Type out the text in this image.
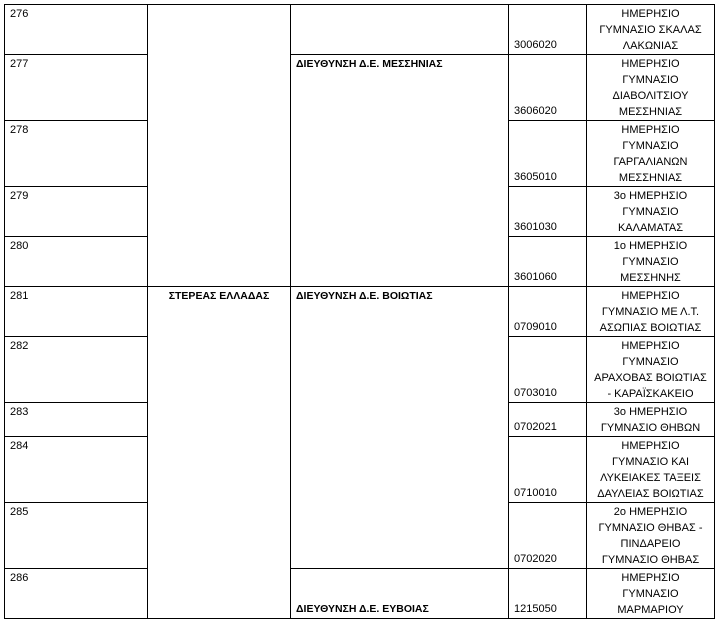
276			3006020	ΗΜΕΡΗΣΙΟ
ΓΥΜΝΑΣΙΟ ΣΚΑΛΑΣ
ΛΑΚΩΝΙΑΣ
277		ΔΙΕΥΘΥΝΣΗ Δ.Ε. ΜΕΣΣΗΝΙΑΣ	3606020	ΗΜΕΡΗΣΙΟ
ΓΥΜΝΑΣΙΟ
ΔΙΑΒΟΛΙΤΣΙΟΥ
ΜΕΣΣΗΝΙΑΣ
278			3605010	ΗΜΕΡΗΣΙΟ
ΓΥΜΝΑΣΙΟ
ΓΑΡΓΑΛΙΑΝΩΝ
ΜΕΣΣΗΝΙΑΣ
279			3601030	3ο ΗΜΕΡΗΣΙΟ
ΓΥΜΝΑΣΙΟ
ΚΑΛΑΜΑΤΑΣ
280			3601060	1ο ΗΜΕΡΗΣΙΟ
ΓΥΜΝΑΣΙΟ
ΜΕΣΣΗΝΗΣ
281	ΣΤΕΡΕΑΣ ΕΛΛΑΔΑΣ	ΔΙΕΥΘΥΝΣΗ Δ.Ε. ΒΟΙΩΤΙΑΣ	0709010	ΗΜΕΡΗΣΙΟ
ΓΥΜΝΑΣΙΟ ΜΕ Λ.Τ.
ΑΣΩΠΙΑΣ ΒΟΙΩΤΙΑΣ
282			0703010	ΗΜΕΡΗΣΙΟ
ΓΥΜΝΑΣΙΟ
ΑΡΑΧΟΒΑΣ ΒΟΙΩΤΙΑΣ
- ΚΑΡΑΪΣΚΑΚΕΙΟ
283			0702021	3ο ΗΜΕΡΗΣΙΟ
ΓΥΜΝΑΣΙΟ ΘΗΒΩΝ
284			0710010	ΗΜΕΡΗΣΙΟ
ΓΥΜΝΑΣΙΟ ΚΑΙ
ΛΥΚΕΙΑΚΕΣ ΤΑΞΕΙΣ
ΔΑΥΛΕΙΑΣ ΒΟΙΩΤΙΑΣ
285			0702020	2ο ΗΜΕΡΗΣΙΟ
ΓΥΜΝΑΣΙΟ ΘΗΒΑΣ -
ΠΙΝΔΑΡΕΙΟ
ΓΥΜΝΑΣΙΟ ΘΗΒΑΣ
286		ΔΙΕΥΘΥΝΣΗ Δ.Ε. ΕΥΒΟΙΑΣ	1215050	ΗΜΕΡΗΣΙΟ
ΓΥΜΝΑΣΙΟ
ΜΑΡΜΑΡΙΟΥ
